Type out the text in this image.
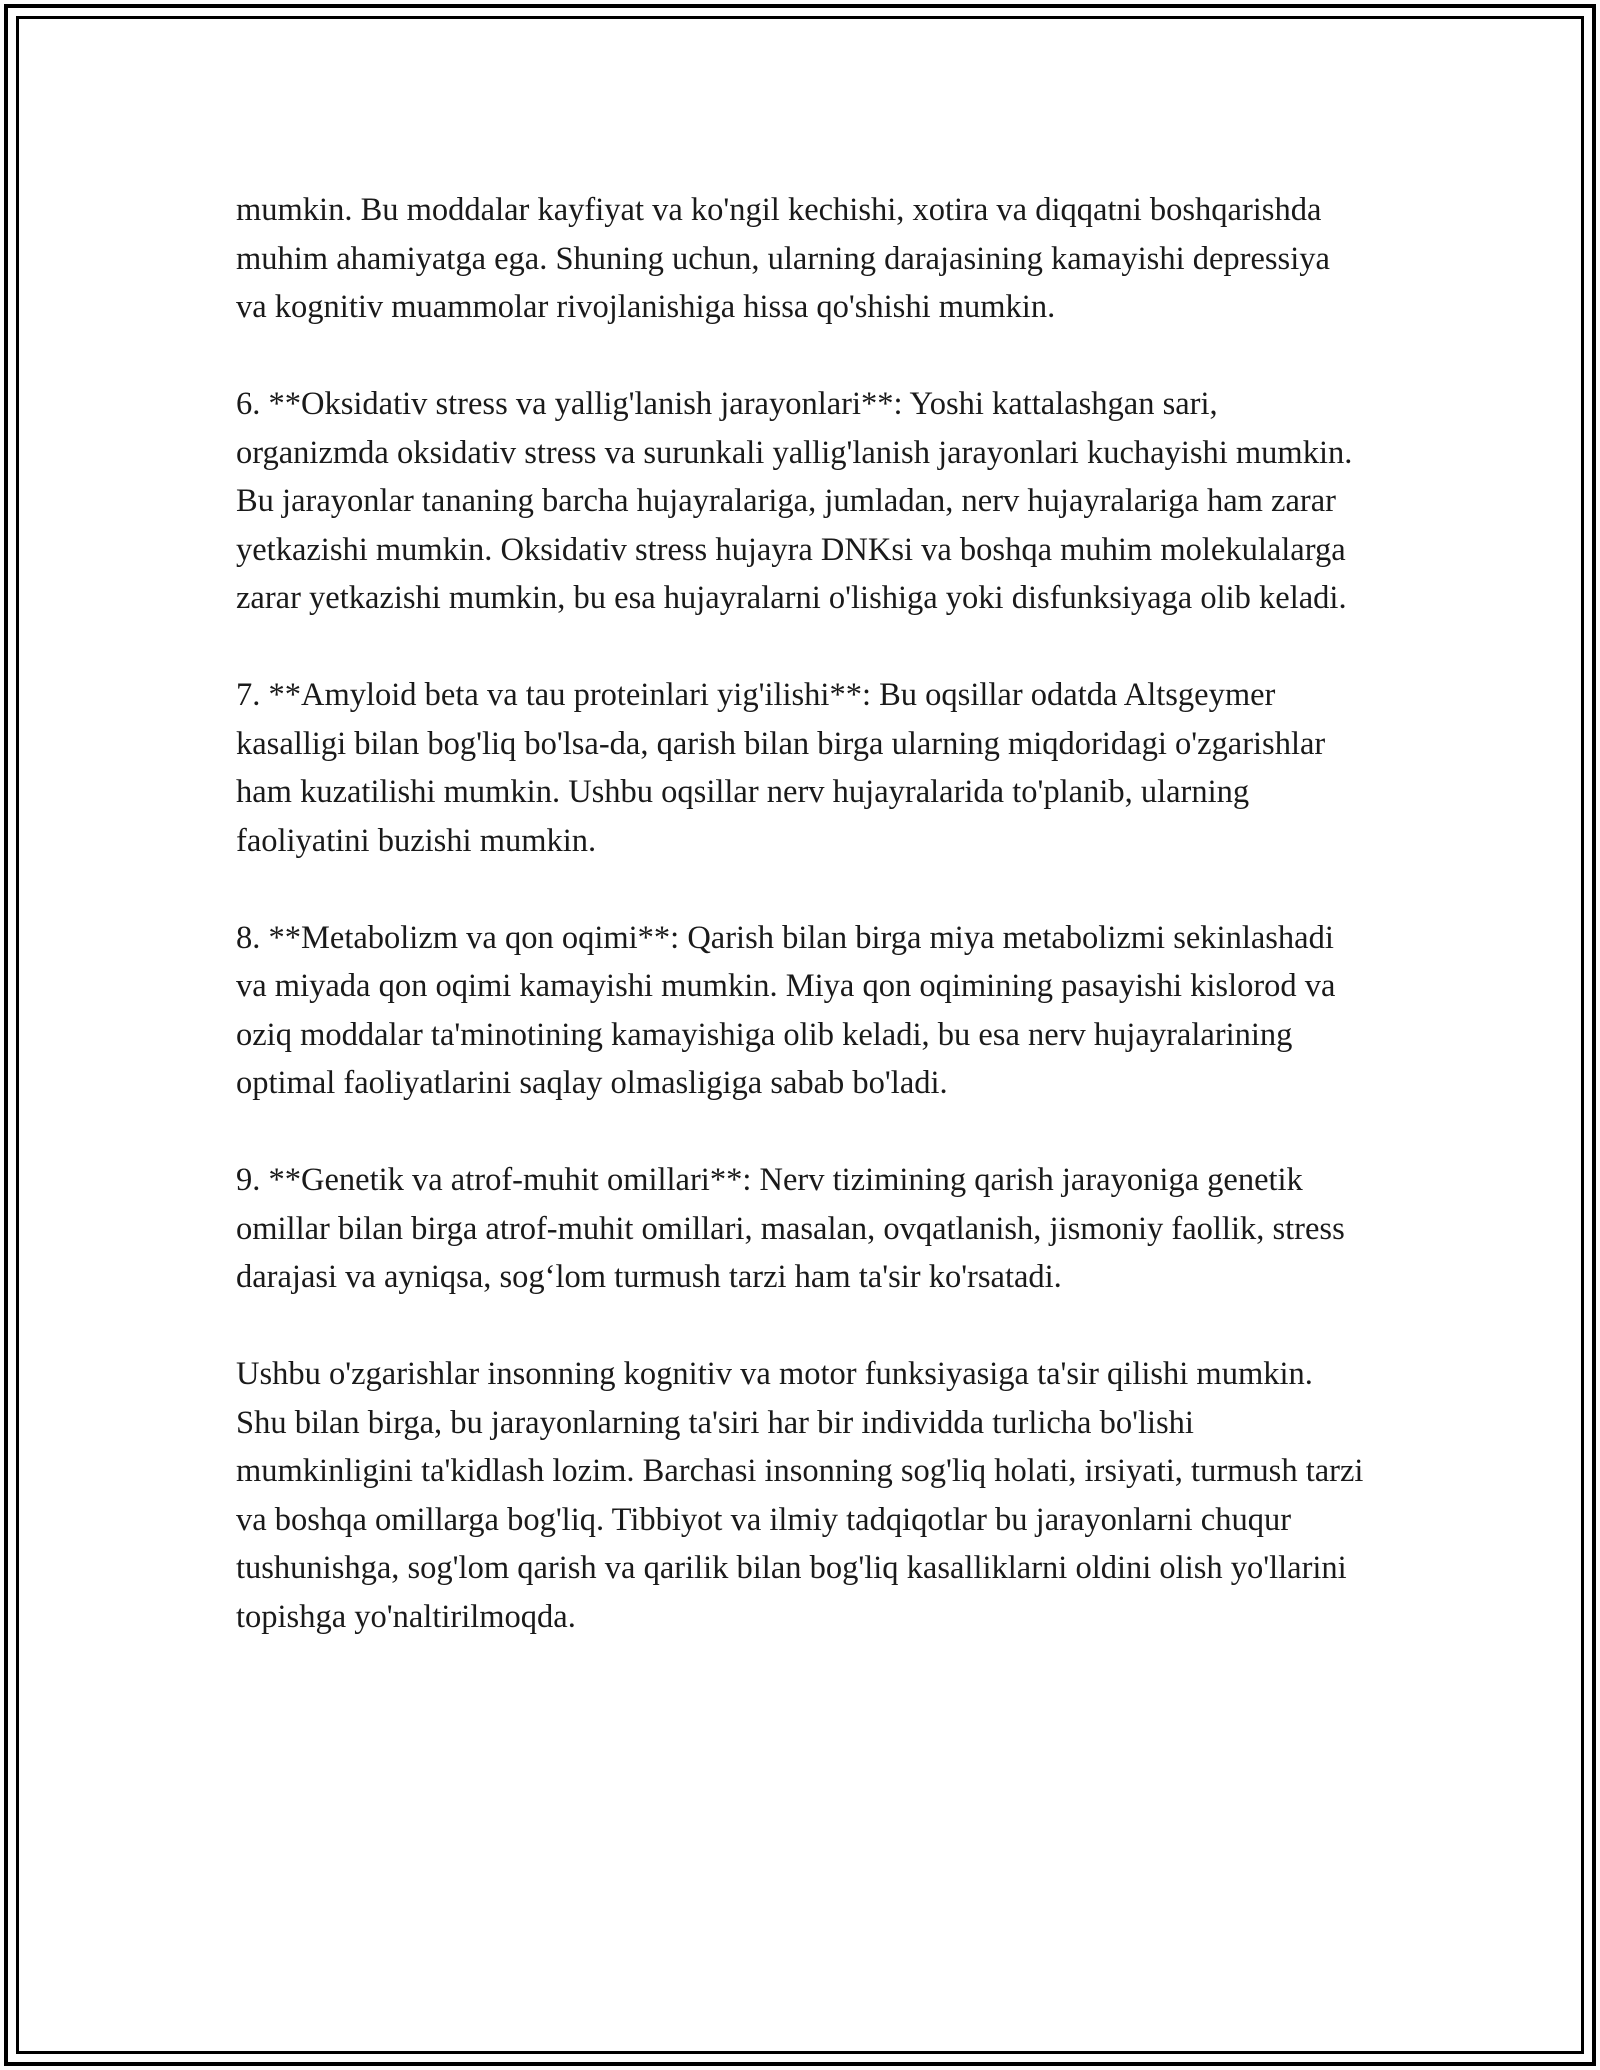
mumkin. Bu moddalar kayfiyat va ko'ngil kechishi, xotira va diqqatni boshqarishda muhim ahamiyatga ega. Shuning uchun, ularning darajasining kamayishi depressiya va kognitiv muammolar rivojlanishiga hissa qo'shishi mumkin.

6. **Oksidativ stress va yallig'lanish jarayonlari**: Yoshi kattalashgan sari, organizmda oksidativ stress va surunkali yallig'lanish jarayonlari kuchayishi mumkin. Bu jarayonlar tananing barcha hujayralariga, jumladan, nerv hujayralariga ham zarar yetkazishi mumkin. Oksidativ stress hujayra DNKsi va boshqa muhim molekulalarga zarar yetkazishi mumkin, bu esa hujayralarni o'lishiga yoki disfunksiyaga olib keladi.

7. **Amyloid beta va tau proteinlari yig'ilishi**: Bu oqsillar odatda Altsgeymer kasalligi bilan bog'liq bo'lsa-da, qarish bilan birga ularning miqdoridagi o'zgarishlar ham kuzatilishi mumkin. Ushbu oqsillar nerv hujayralarida to'planib, ularning faoliyatini buzishi mumkin.

8. **Metabolizm va qon oqimi**: Qarish bilan birga miya metabolizmi sekinlashadi va miyada qon oqimi kamayishi mumkin. Miya qon oqimining pasayishi kislorod va oziq moddalar ta'minotining kamayishiga olib keladi, bu esa nerv hujayralarining optimal faoliyatlarini saqlay olmasligiga sabab bo'ladi.

9. **Genetik va atrof-muhit omillari**: Nerv tizimining qarish jarayoniga genetik omillar bilan birga atrof-muhit omillari, masalan, ovqatlanish, jismoniy faollik, stress darajasi va ayniqsa, sog‘lom turmush tarzi ham ta'sir ko'rsatadi.

Ushbu o'zgarishlar insonning kognitiv va motor funksiyasiga ta'sir qilishi mumkin. Shu bilan birga, bu jarayonlarning ta'siri har bir individda turlicha bo'lishi mumkinligini ta'kidlash lozim. Barchasi insonning sog'liq holati, irsiyati, turmush tarzi va boshqa omillarga bog'liq. Tibbiyot va ilmiy tadqiqotlar bu jarayonlarni chuqur tushunishga, sog'lom qarish va qarilik bilan bog'liq kasalliklarni oldini olish yo'llarini topishga yo'naltirilmoqda.
